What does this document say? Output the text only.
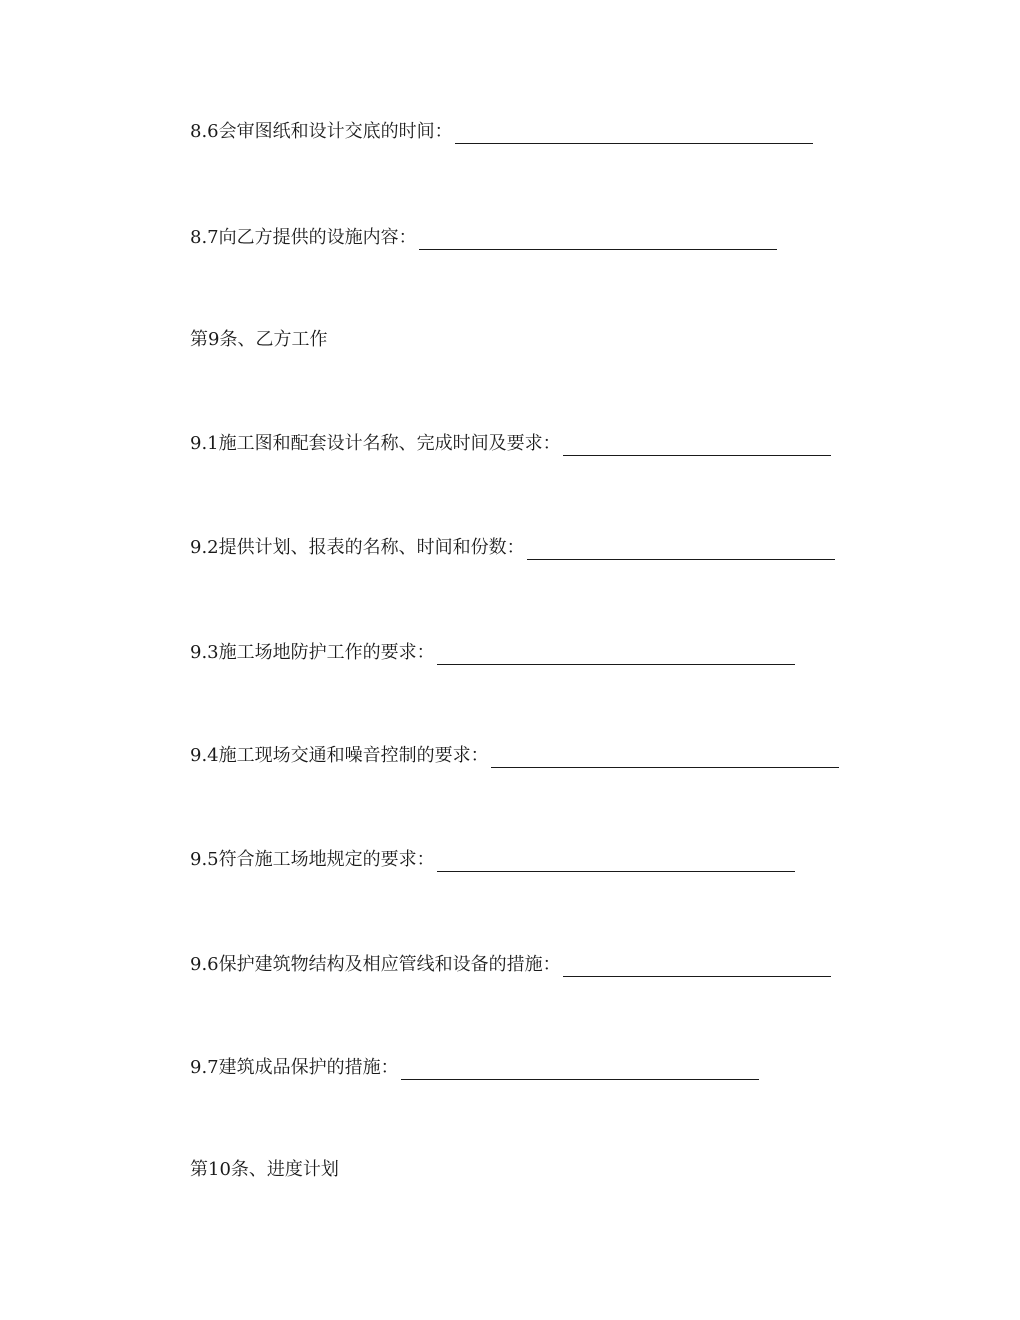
8.6会审图纸和设计交底的时间：
8.7向乙方提供的设施内容：
第9条、乙方工作
9.1施工图和配套设计名称、完成时间及要求：
9.2提供计划、报表的名称、时间和份数：
9.3施工场地防护工作的要求：
9.4施工现场交通和噪音控制的要求：
9.5符合施工场地规定的要求：
9.6保护建筑物结构及相应管线和设备的措施：
9.7建筑成品保护的措施：
第10条、进度计划
